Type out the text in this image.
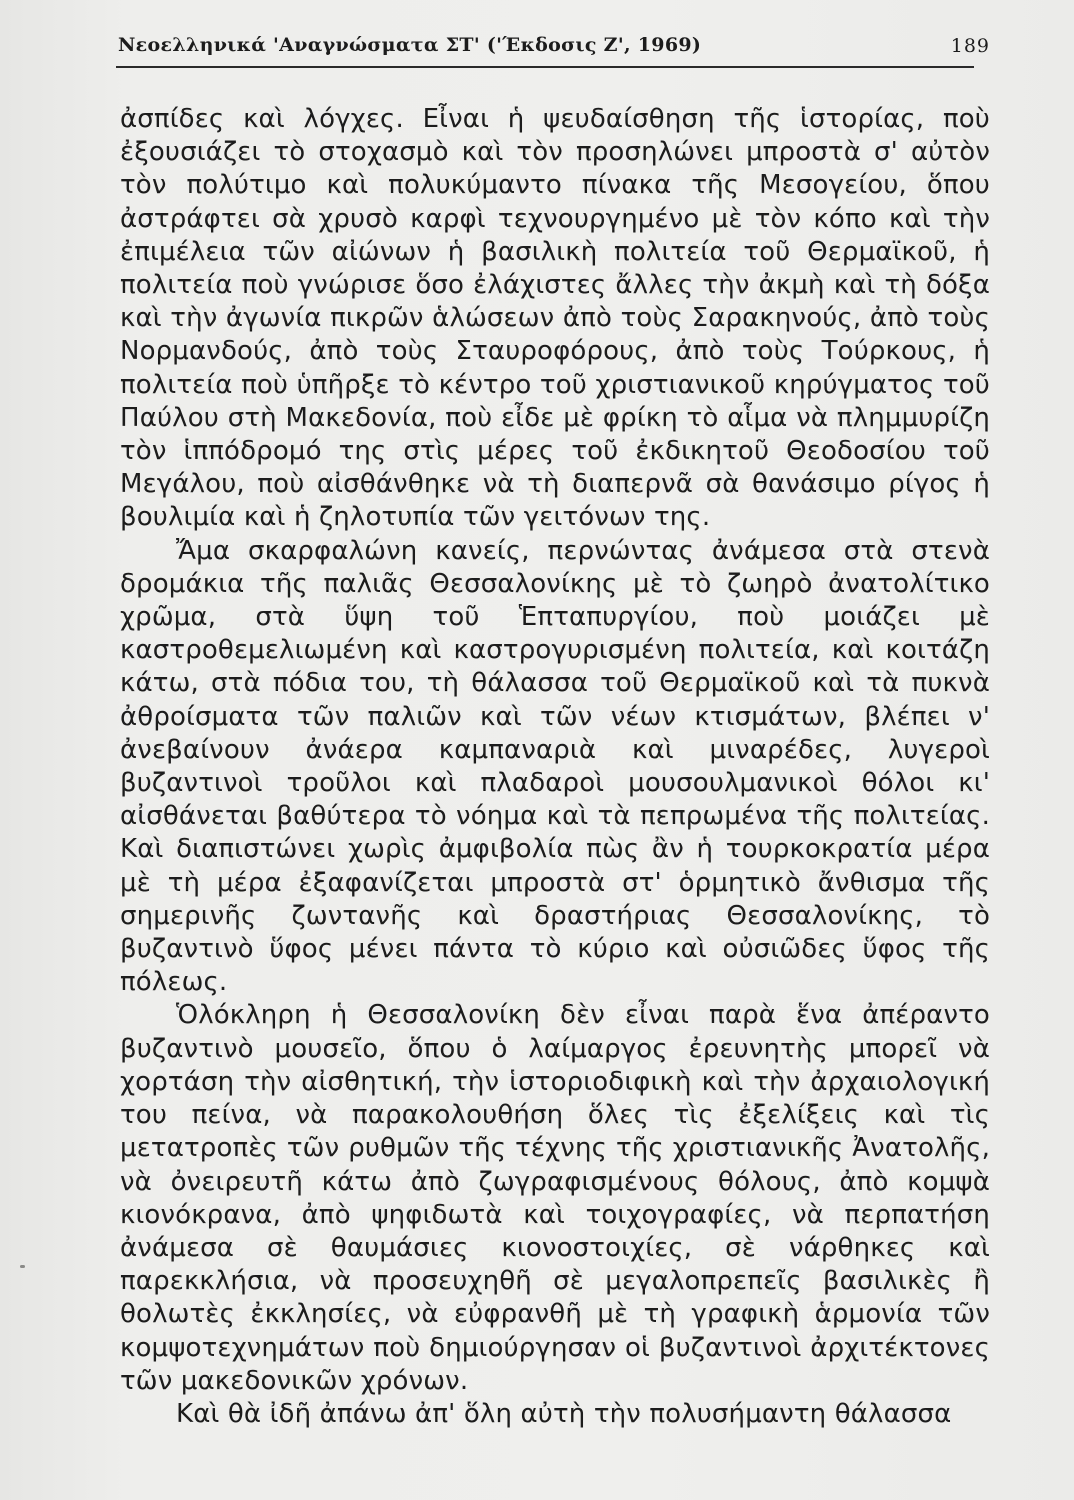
Νεοελληνικά 'Αναγνώσματα ΣΤ' ('Έκδοσις Ζ', 1969)	189

ἀσπίδες καὶ λόγχες. Εἶναι ἡ ψευδαίσθηση τῆς ἱστορίας, ποὺ ἐξουσιάζει τὸ στοχασμὸ καὶ τὸν προσηλώνει μπροστὰ σ' αὐτὸν τὸν πολύτιμο καὶ πολυκύμαντο πίνακα τῆς Μεσογείου, ὅπου ἀστράφτει σὰ χρυσὸ καρφὶ τεχνουργημένο μὲ τὸν κόπο καὶ τὴν ἐπιμέλεια τῶν αἰώνων ἡ βασιλικὴ πολιτεία τοῦ Θερμαϊκοῦ, ἡ πολιτεία ποὺ γνώρισε ὅσο ἐλάχιστες ἄλλες τὴν ἀκμὴ καὶ τὴ δόξα καὶ τὴν ἀγωνία πικρῶν ἁλώσεων ἀπὸ τοὺς Σαρακηνούς, ἀπὸ τοὺς Νορμανδούς, ἀπὸ τοὺς Σταυροφόρους, ἀπὸ τοὺς Τούρκους, ἡ πολιτεία ποὺ ὑπῆρξε τὸ κέντρο τοῦ χριστιανικοῦ κηρύγματος τοῦ Παύλου στὴ Μακεδονία, ποὺ εἶδε μὲ φρίκη τὸ αἷμα νὰ πλημμυρίζη τὸν ἱππόδρομό της στὶς μέρες τοῦ ἐκδικητοῦ Θεοδοσίου τοῦ Μεγάλου, ποὺ αἰσθάνθηκε νὰ τὴ διαπερνᾶ σὰ θανάσιμο ρίγος ἡ βουλιμία καὶ ἡ ζηλοτυπία τῶν γειτόνων της.

Ἄμα σκαρφαλώνη κανείς, περνώντας ἀνάμεσα στὰ στενὰ δρομάκια τῆς παλιᾶς Θεσσαλονίκης μὲ τὸ ζωηρὸ ἀνατολίτικο χρῶμα, στὰ ὕψη τοῦ Ἑπταπυργίου, ποὺ μοιάζει μὲ καστροθεμελιωμένη καὶ καστρογυρισμένη πολιτεία, καὶ κοιτάζη κάτω, στὰ πόδια του, τὴ θάλασσα τοῦ Θερμαϊκοῦ καὶ τὰ πυκνὰ ἀθροίσματα τῶν παλιῶν καὶ τῶν νέων κτισμάτων, βλέπει ν' ἀνεβαίνουν ἀνάερα καμπαναριὰ καὶ μιναρέδες, λυγεροὶ βυζαντινοὶ τροῦλοι καὶ πλαδαροὶ μουσουλμανικοὶ θόλοι κι' αἰσθάνεται βαθύτερα τὸ νόημα καὶ τὰ πεπρωμένα τῆς πολιτείας. Καὶ διαπιστώνει χωρὶς ἀμφιβολία πὼς ἂν ἡ τουρκοκρατία μέρα μὲ τὴ μέρα ἐξαφανίζεται μπροστὰ στ' ὁρμητικὸ ἄνθισμα τῆς σημερινῆς ζωντανῆς καὶ δραστήριας Θεσσαλονίκης, τὸ βυζαντινὸ ὕφος μένει πάντα τὸ κύριο καὶ οὐσιῶδες ὕφος τῆς πόλεως.

Ὁλόκληρη ἡ Θεσσαλονίκη δὲν εἶναι παρὰ ἕνα ἀπέραντο βυζαντινὸ μουσεῖο, ὅπου ὁ λαίμαργος ἐρευνητὴς μπορεῖ νὰ χορτάση τὴν αἰσθητική, τὴν ἱστοριοδιφικὴ καὶ τὴν ἀρχαιολογική του πείνα, νὰ παρακολουθήση ὅλες τὶς ἐξελίξεις καὶ τὶς μετατροπὲς τῶν ρυθμῶν τῆς τέχνης τῆς χριστιανικῆς Ἀνατολῆς, νὰ ὀνειρευτῆ κάτω ἀπὸ ζωγραφισμένους θόλους, ἀπὸ κομψὰ κιονόκρανα, ἀπὸ ψηφιδωτὰ καὶ τοιχογραφίες, νὰ περπατήση ἀνάμεσα σὲ θαυμάσιες κιονοστοιχίες, σὲ νάρθηκες καὶ παρεκκλήσια, νὰ προσευχηθῆ σὲ μεγαλοπρεπεῖς βασιλικὲς ἢ θολωτὲς ἐκκλησίες, νὰ εὐφρανθῆ μὲ τὴ γραφικὴ ἁρμονία τῶν κομψοτεχνημάτων ποὺ δημιούργησαν οἱ βυζαντινοὶ ἀρχιτέκτονες τῶν μακεδονικῶν χρόνων.

Καὶ θὰ ἰδῆ ἀπάνω ἀπ' ὅλη αὐτὴ τὴν πολυσήμαντη θάλασσα
